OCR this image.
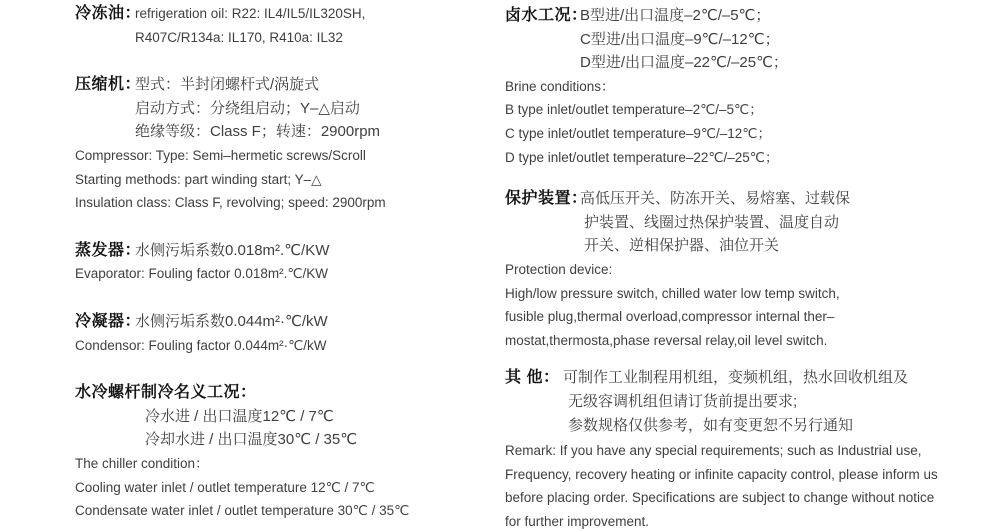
冷冻油：
refrigeration oil: R22: IL4/IL5/IL320SH,
R407C/R134a: IL170, R410a: IL32
压缩机：
型式：半封闭螺杆式/涡旋式
启动方式：分绕组启动；Y–△启动
绝缘等级：Class F；转速：2900rpm
Compressor: Type: Semi–hermetic screws/Scroll
Starting methods: part winding start; Y–△
Insulation class: Class F, revolving; speed: 2900rpm
蒸发器：
水侧污垢系数0.018m².℃/KW
Evaporator: Fouling factor 0.018m².℃/KW
冷凝器：
水侧污垢系数0.044m²·℃/kW
Condensor: Fouling factor 0.044m²·℃/kW
水冷螺杆制冷名义工况：
冷水进 / 出口温度12℃ / 7℃
冷却水进 / 出口温度30℃ / 35℃
The chiller condition：
Cooling water inlet / outlet temperature 12℃ / 7℃
Condensate water inlet / outlet temperature 30℃ / 35℃
卤水工况：
B型进/出口温度–2℃/–5℃；
C型进/出口温度–9℃/–12℃；
D型进/出口温度–22℃/–25℃；
Brine conditions：
B type inlet/outlet temperature–2℃/–5℃；
C type inlet/outlet temperature–9℃/–12℃；
D type inlet/outlet temperature–22℃/–25℃；
保护装置：
高低压开关、防冻开关、易熔塞、过载保
护装置、线圈过热保护装置、温度自动
开关、逆相保护器、油位开关
Protection device:
High/low pressure switch, chilled water low temp switch,
fusible plug,thermal overload,compressor internal ther–
mostat,thermosta,phase reversal relay,oil level switch.
其 他： 可制作工业制程用机组，变频机组，热水回收机组及
无级容调机组但请订货前提出要求;
参数规格仅供参考，如有变更恕不另行通知
Remark: If you have any special requirements; such as Industrial use,
Frequency, recovery heating or infinite capacity control, please inform us
before placing order. Specifications are subject to change without notice
for further improvement.
